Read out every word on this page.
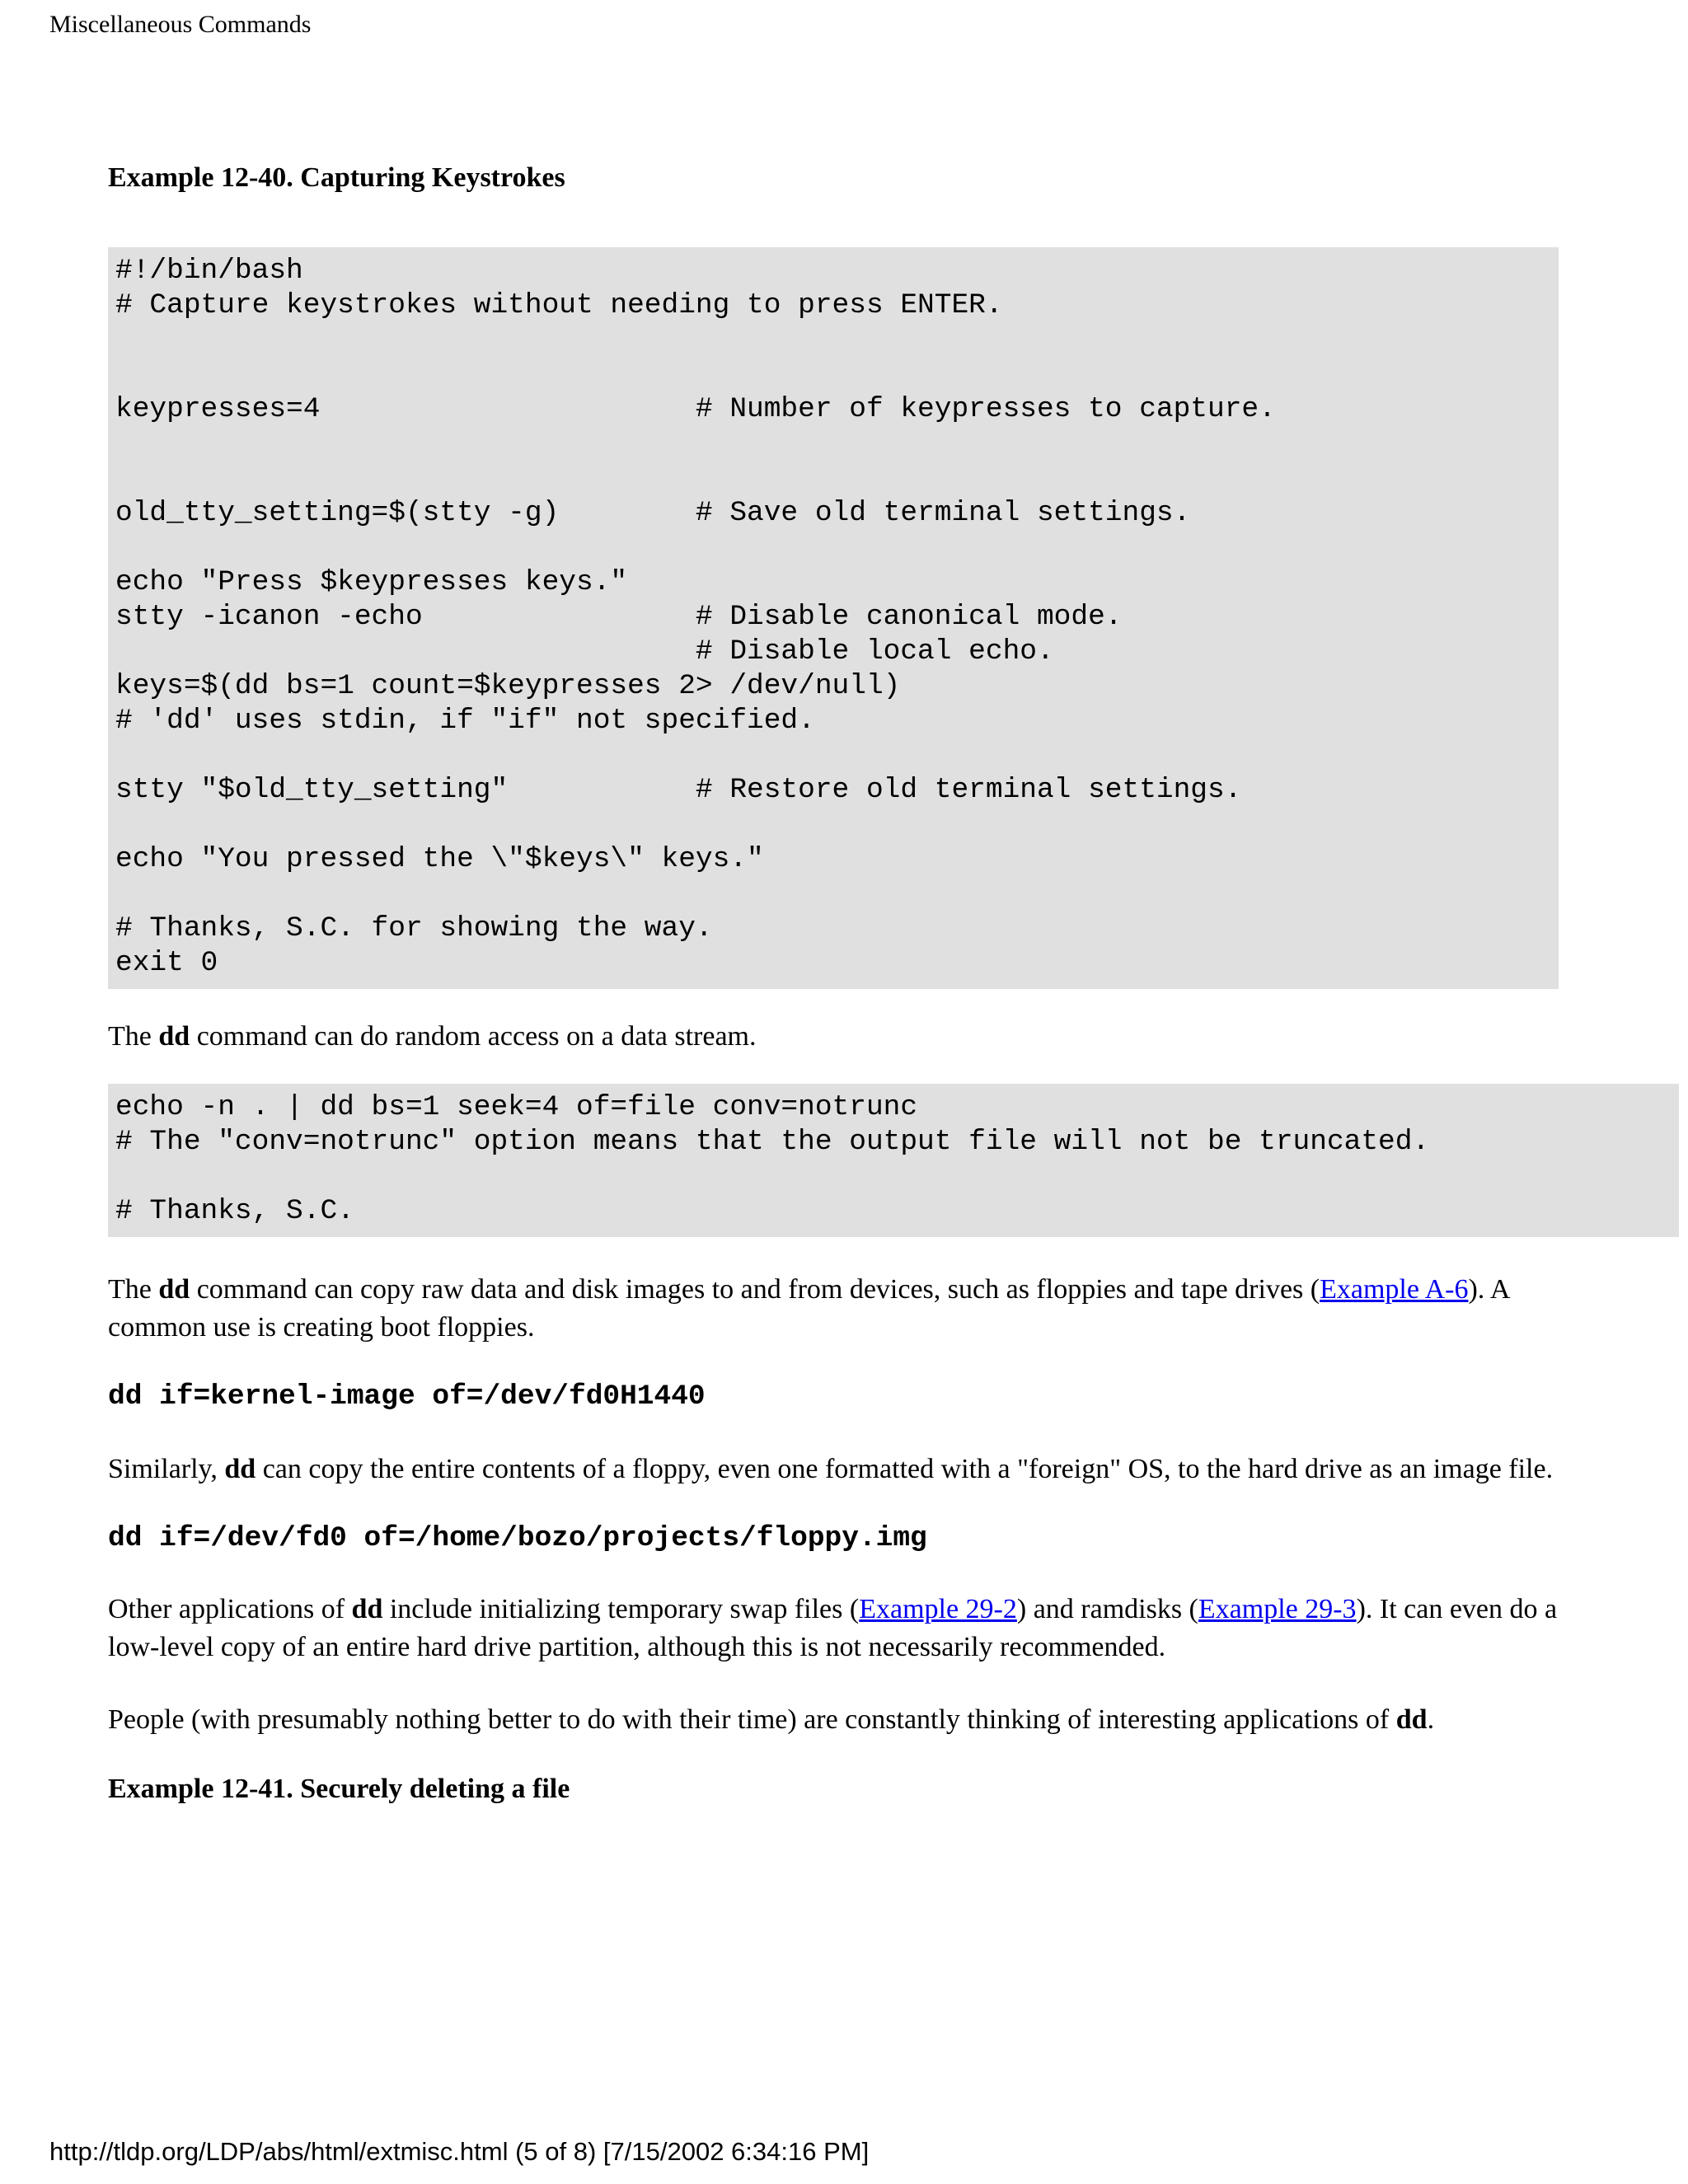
Miscellaneous Commands

Example 12-40. Capturing Keystrokes

#!/bin/bash
# Capture keystrokes without needing to press ENTER.

keypresses=4                      # Number of keypresses to capture.

old_tty_setting=$(stty -g)        # Save old terminal settings.

echo "Press $keypresses keys."
stty -icanon -echo                # Disable canonical mode.
# Disable local echo.
keys=$(dd bs=1 count=$keypresses 2> /dev/null)
# 'dd' uses stdin, if "if" not specified.

stty "$old_tty_setting"           # Restore old terminal settings.

echo "You pressed the \"$keys\" keys."

# Thanks, S.C. for showing the way.
exit 0

The dd command can do random access on a data stream.

echo -n . | dd bs=1 seek=4 of=file conv=notrunc
# The "conv=notrunc" option means that the output file will not be truncated.

# Thanks, S.C.

The dd command can copy raw data and disk images to and from devices, such as floppies and tape drives (Example A-6). A common use is creating boot floppies.

dd if=kernel-image of=/dev/fd0H1440

Similarly, dd can copy the entire contents of a floppy, even one formatted with a "foreign" OS, to the hard drive as an image file.

dd if=/dev/fd0 of=/home/bozo/projects/floppy.img

Other applications of dd include initializing temporary swap files (Example 29-2) and ramdisks (Example 29-3). It can even do a low-level copy of an entire hard drive partition, although this is not necessarily recommended.

People (with presumably nothing better to do with their time) are constantly thinking of interesting applications of dd.

Example 12-41. Securely deleting a file

http://tldp.org/LDP/abs/html/extmisc.html (5 of 8) [7/15/2002 6:34:16 PM]
